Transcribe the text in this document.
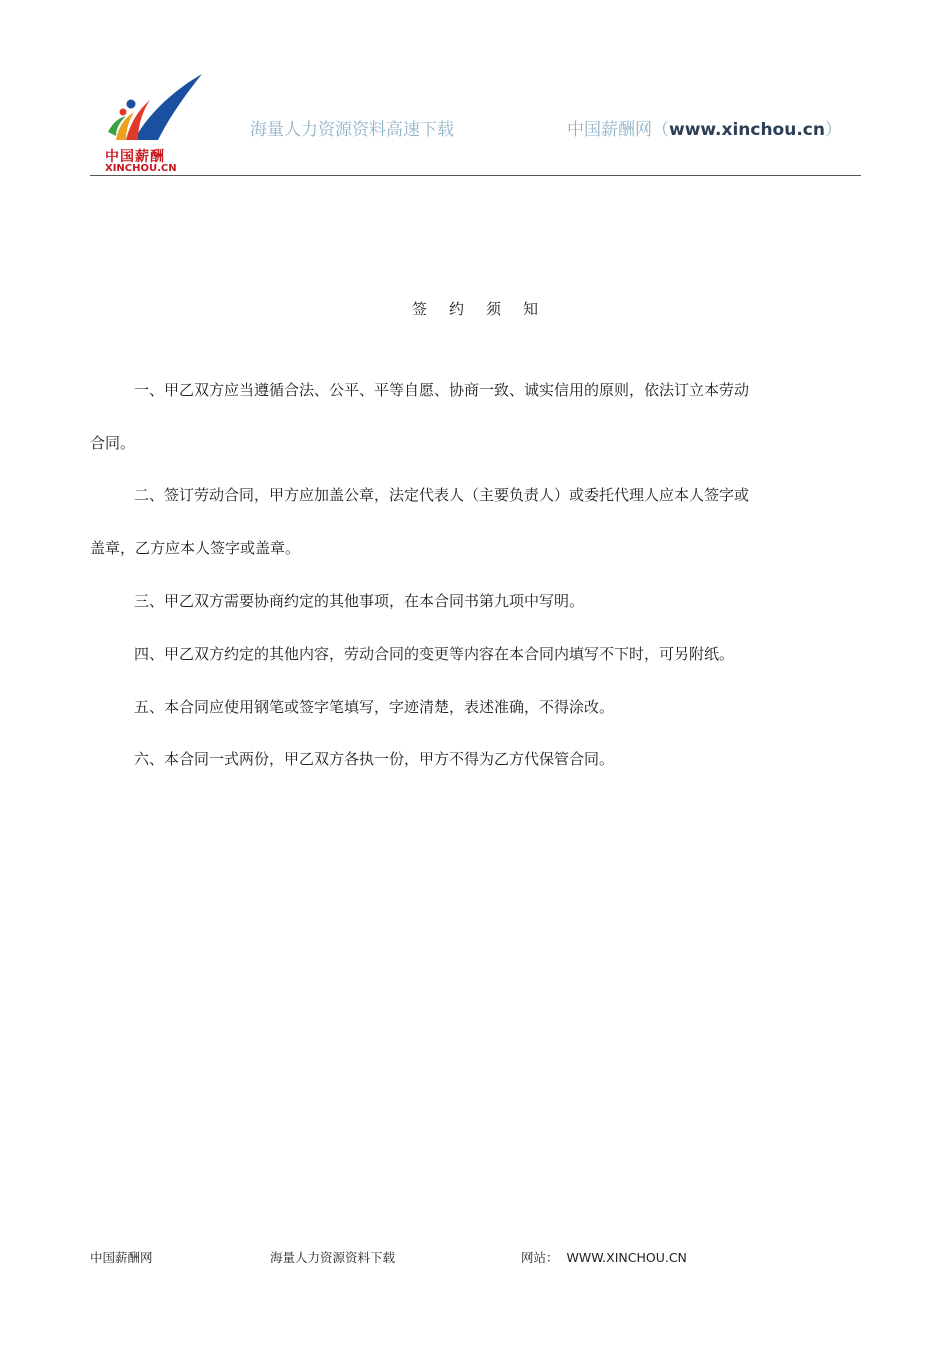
中国薪酬
XINCHOU.CN
海量人力资源资料高速下载	中国薪酬网（www.xinchou.cn）
签约须知
一、甲乙双方应当遵循合法、公平、平等自愿、协商一致、诚实信用的原则，依法订立本劳动
合同。
二、签订劳动合同，甲方应加盖公章，法定代表人（主要负责人）或委托代理人应本人签字或
盖章，乙方应本人签字或盖章。
三、甲乙双方需要协商约定的其他事项，在本合同书第九项中写明。
四、甲乙双方约定的其他内容，劳动合同的变更等内容在本合同内填写不下时，可另附纸。
五、本合同应使用钢笔或签字笔填写，字迹清楚，表述准确，不得涂改。
六、本合同一式两份，甲乙双方各执一份，甲方不得为乙方代保管合同。
中国薪酬网	海量人力资源资料下载	网站： WWW.XINCHOU.CN
